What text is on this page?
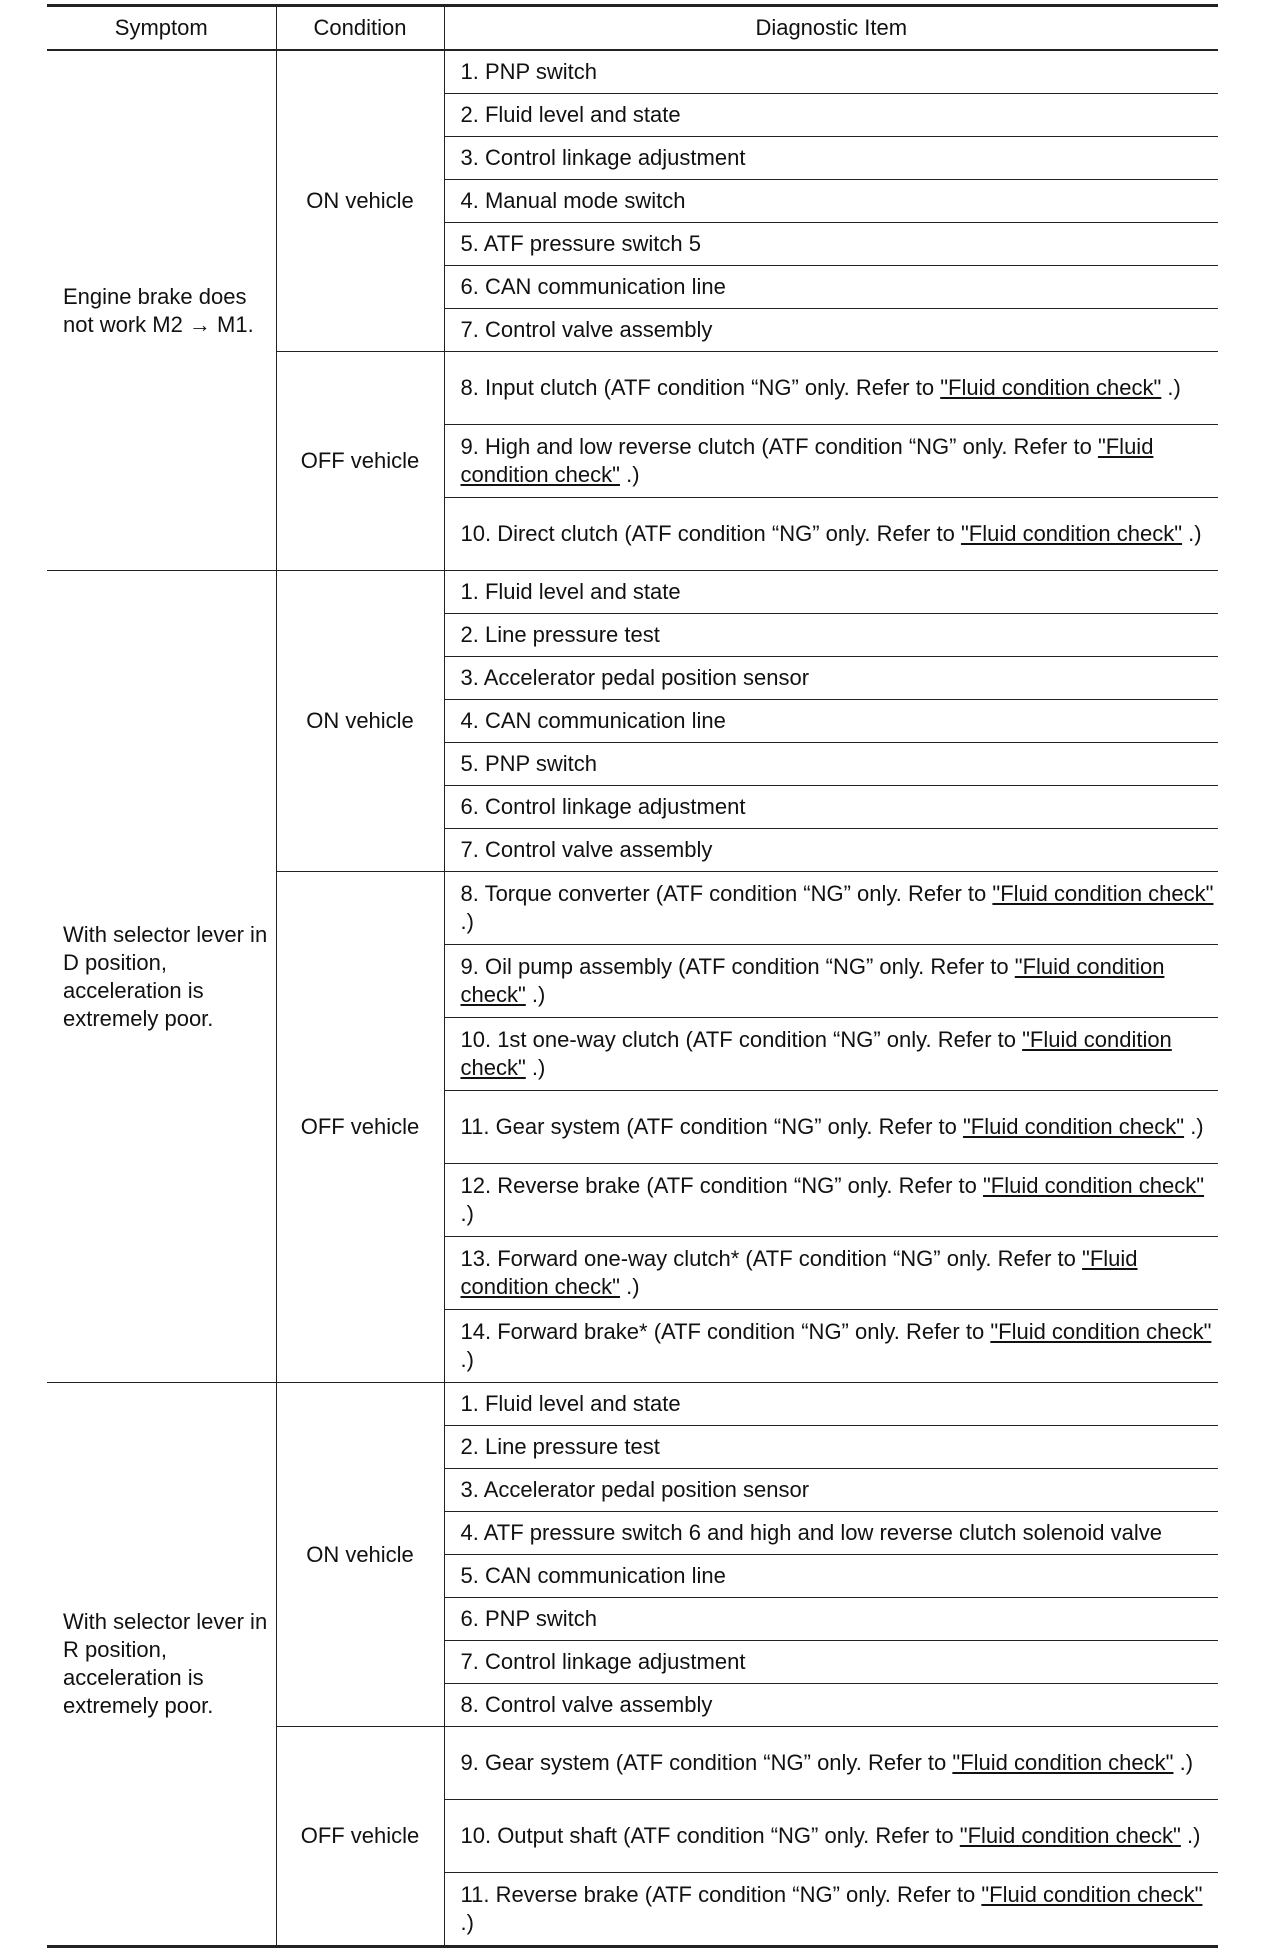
Symptom	Condition	Diagnostic Item
Engine brake does not work M2 → M1.	ON vehicle	1. PNP switch
		2. Fluid level and state
		3. Control linkage adjustment
		4. Manual mode switch
		5. ATF pressure switch 5
		6. CAN communication line
		7. Control valve assembly
	OFF vehicle	8. Input clutch (ATF condition “NG” only. Refer to "Fluid condition check" .)
		9. High and low reverse clutch (ATF condition “NG” only. Refer to "Fluid condition check" .)
		10. Direct clutch (ATF condition “NG” only. Refer to "Fluid condition check" .)
With selector lever in D position, acceleration is extremely poor.	ON vehicle	1. Fluid level and state
		2. Line pressure test
		3. Accelerator pedal position sensor
		4. CAN communication line
		5. PNP switch
		6. Control linkage adjustment
		7. Control valve assembly
	OFF vehicle	8. Torque converter (ATF condition “NG” only. Refer to "Fluid condition check" .)
		9. Oil pump assembly (ATF condition “NG” only. Refer to "Fluid condition check" .)
		10. 1st one-way clutch (ATF condition “NG” only. Refer to "Fluid condition check" .)
		11. Gear system (ATF condition “NG” only. Refer to "Fluid condition check" .)
		12. Reverse brake (ATF condition “NG” only. Refer to "Fluid condition check" .)
		13. Forward one-way clutch* (ATF condition “NG” only. Refer to "Fluid condition check" .)
		14. Forward brake* (ATF condition “NG” only. Refer to "Fluid condition check" .)
With selector lever in R position, acceleration is extremely poor.	ON vehicle	1. Fluid level and state
		2. Line pressure test
		3. Accelerator pedal position sensor
		4. ATF pressure switch 6 and high and low reverse clutch solenoid valve
		5. CAN communication line
		6. PNP switch
		7. Control linkage adjustment
		8. Control valve assembly
	OFF vehicle	9. Gear system (ATF condition “NG” only. Refer to "Fluid condition check" .)
		10. Output shaft (ATF condition “NG” only. Refer to "Fluid condition check" .)
		11. Reverse brake (ATF condition “NG” only. Refer to "Fluid condition check" .)
